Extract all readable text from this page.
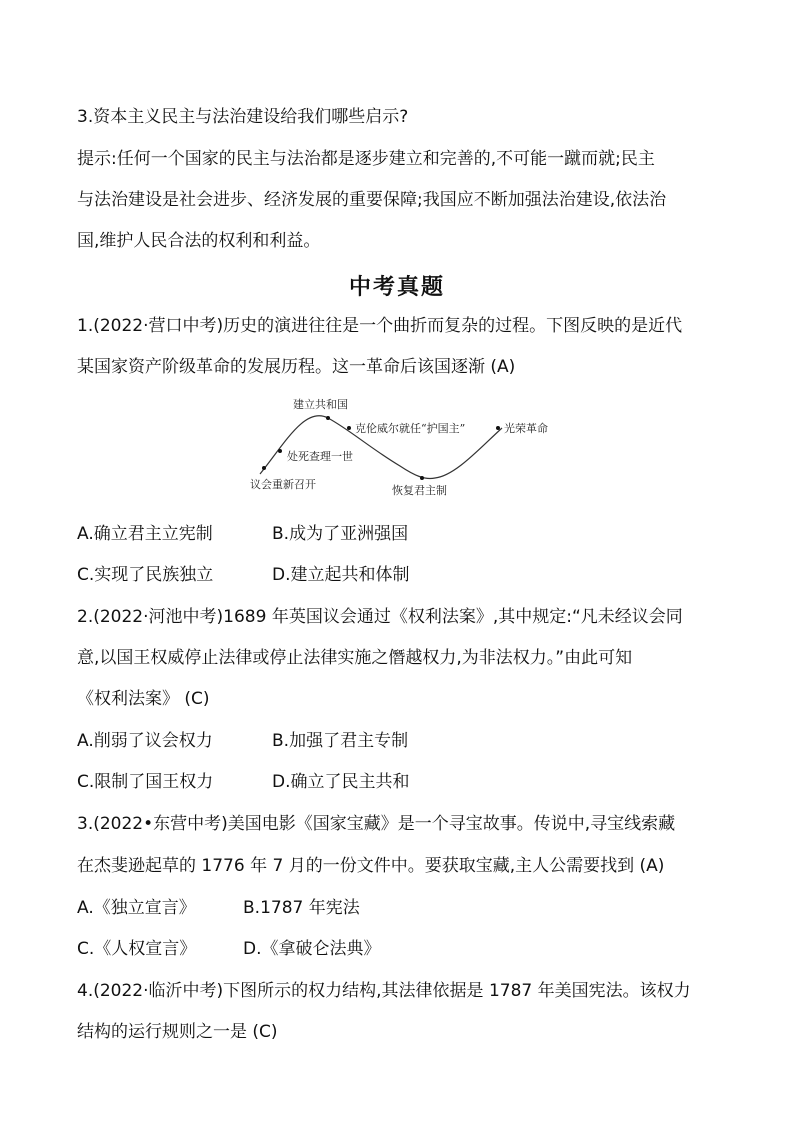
3.资本主义民主与法治建设给我们哪些启示?
提示:任何一个国家的民主与法治都是逐步建立和完善的,不可能一蹴而就;民主
与法治建设是社会进步、经济发展的重要保障;我国应不断加强法治建设,依法治
国,维护人民合法的权利和利益。
中考真题
1.(2022·营口中考)历史的演进往往是一个曲折而复杂的过程。下图反映的是近代
某国家资产阶级革命的发展历程。这一革命后该国逐渐 (A)
议会重新召开
处死查理一世
建立共和国
克伦威尔就任“护国主”
恢复君主制
光荣革命
A.确立君主立宪制	B.成为了亚洲强国
C.实现了民族独立	D.建立起共和体制
2.(2022·河池中考)1689 年英国议会通过《权利法案》,其中规定:“凡未经议会同
意,以国王权威停止法律或停止法律实施之僭越权力,为非法权力。”由此可知
《权利法案》 (C)
A.削弱了议会权力	B.加强了君主专制
C.限制了国王权力	D.确立了民主共和
3.(2022•东营中考)美国电影《国家宝藏》是一个寻宝故事。传说中,寻宝线索藏
在杰斐逊起草的 1776 年 7 月的一份文件中。要获取宝藏,主人公需要找到 (A)
A.《独立宣言》	B.1787 年宪法
C.《人权宣言》	D.《拿破仑法典》
4.(2022·临沂中考)下图所示的权力结构,其法律依据是 1787 年美国宪法。该权力
结构的运行规则之一是 (C)
